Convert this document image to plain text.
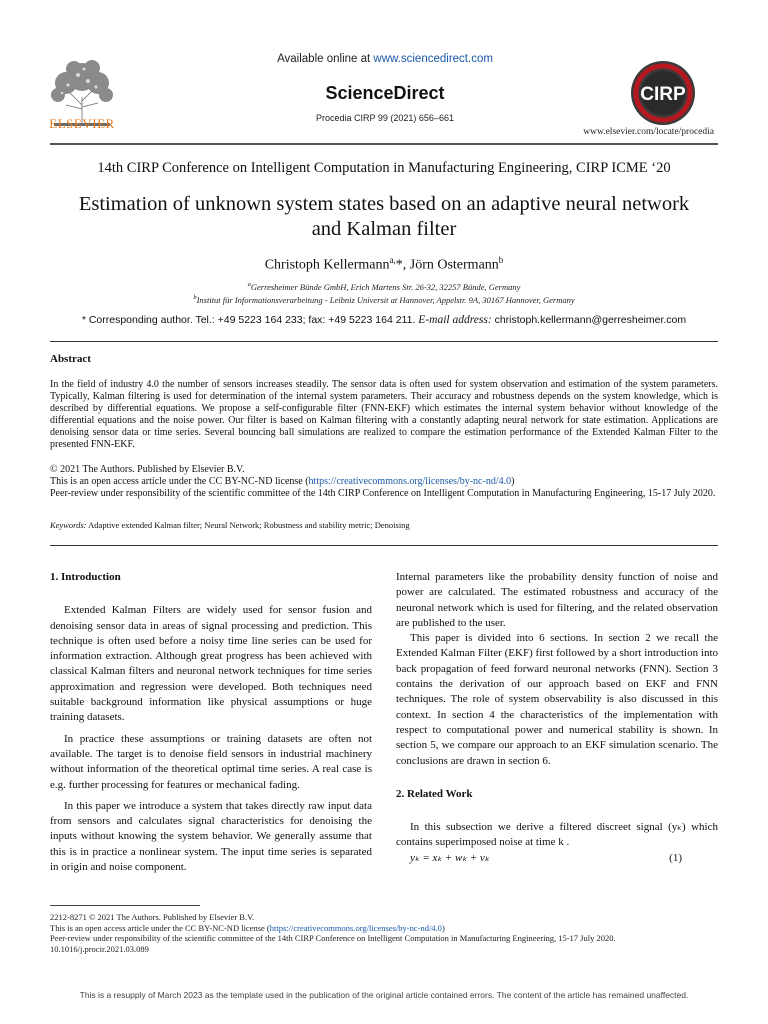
ELSEVIER
Available online at www.sciencedirect.com
ScienceDirect
Procedia CIRP 99 (2021) 656–661
CIRP
www.elsevier.com/locate/procedia
14th CIRP Conference on Intelligent Computation in Manufacturing Engineering, CIRP ICME ‘20
Estimation of unknown system states based on an adaptive neural network
and Kalman filter
Christoph Kellermann$^{a,}$*, Jörn Ostermann$^b$
$^a$Gerresheimer Bünde GmbH, Erich Martens Str. 26-32, 32257 Bünde, Germany
$^b$Institut für Informationsverarbeitung - Leibniz Universit at Hannover, Appelstr. 9A, 30167 Hannover, Germany
* Corresponding author. Tel.: +49 5223 164 233; fax: +49 5223 164 211. E-mail address: christoph.kellermann@gerresheimer.com
Abstract
In the field of industry 4.0 the number of sensors increases steadily. The sensor data is often used for system observation and estimation of the system parameters. Typically, Kalman filtering is used for determination of the internal system parameters. Their accuracy and robustness depends on the system knowledge, which is described by differential equations. We propose a self-configurable filter (FNN-EKF) which estimates the internal system behavior without knowledge of the differential equations and the noise power. Our filter is based on Kalman filtering with a constantly adapting neural network for state estimation. Applications are denoising sensor data or time series. Several bouncing ball simulations are realized to compare the estimation performance of the Extended Kalman Filter to the presented FNN-EKF.
© 2021 The Authors. Published by Elsevier B.V.
This is an open access article under the CC BY-NC-ND license (https://creativecommons.org/licenses/by-nc-nd/4.0)
Peer-review under responsibility of the scientific committee of the 14th CIRP Conference on Intelligent Computation in Manufacturing Engineering, 15-17 July 2020.
Keywords: Adaptive extended Kalman filter; Neural Network; Robustness and stability metric; Denoising
1. Introduction

Extended Kalman Filters are widely used for sensor fusion and denoising sensor data in areas of signal processing and prediction. This technique is often used before a noisy time line series can be used for information extraction. Although great progress has been achieved with classical Kalman filters and neuronal network techniques for time series approximation and regression were developed. Both techniques need suitable background information like physical assumptions or huge training datasets.

In practice these assumptions or training datasets are often not available. The target is to denoise field sensors in industrial machinery without information of the theoretical optimal time series. A real case is e.g. further processing for features or mechanical fading.

In this paper we introduce a system that takes directly raw input data from sensors and calculates signal characteristics for denoising the inputs without knowing the system behavior. We generally assume that this is in practice a nonlinear system. The input time series is separated in origin and noise component.

Internal parameters like the probability density function of noise and power are calculated. The estimated robustness and accuracy of the neuronal network which is used for filtering, and the related observation are published to the user.

This paper is divided into 6 sections. In section 2 we recall the Extended Kalman Filter (EKF) first followed by a short introduction into back propagation of feed forward neuronal networks (FNN). Section 3 contains the derivation of our approach based on EKF and FNN techniques. The role of system observability is also discussed in this context. In section 4 the characteristics of the implementation with respect to computational power and numerical stability is shown. In section 5, we compare our approach to an EKF simulation scenario. The conclusions are drawn in section 6.

2. Related Work

In this subsection we derive a filtered discreet signal (yₖ) which contains superimposed noise at time k .

yₖ = xₖ + wₖ + vₖ	(1)
2212-8271 © 2021 The Authors. Published by Elsevier B.V.
This is an open access article under the CC BY-NC-ND license (https://creativecommons.org/licenses/by-nc-nd/4.0)
Peer-review under responsibility of the scientific committee of the 14th CIRP Conference on Intelligent Computation in Manufacturing Engineering, 15-17 July 2020.
10.1016/j.procir.2021.03.089
This is a resupply of March 2023 as the template used in the publication of the original article contained errors. The content of the article has remained unaffected.
